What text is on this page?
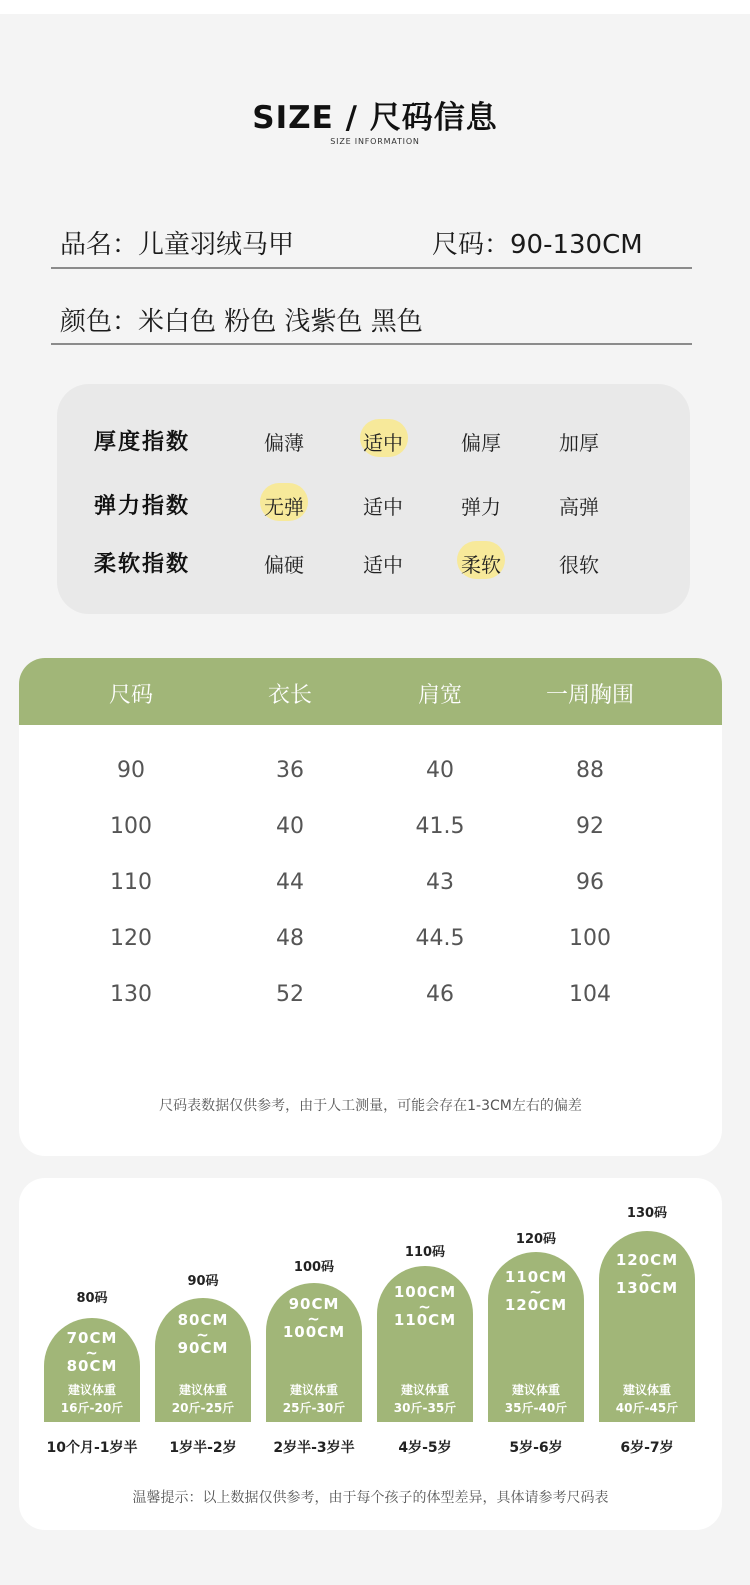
SIZE / 尺码信息
SIZE INFORMATION
品名：儿童羽绒马甲	尺码：90-130CM
颜色：米白色 粉色 浅紫色 黑色
厚度指数	偏薄	适中	偏厚	加厚
弹力指数	无弹	适中	弹力	高弹
柔软指数	偏硬	适中	柔软	很软
尺码	衣长	肩宽	一周胸围
90	36	40	88
100	40	41.5	92
110	44	43	96
120	48	44.5	100
130	52	46	104
尺码表数据仅供参考，由于人工测量，可能会存在1-3CM左右的偏差
80码
70CM
~
80CM
建议体重
16斤-20斤
10个月-1岁半
90码
80CM
~
90CM
建议体重
20斤-25斤
1岁半-2岁
100码
90CM
~
100CM
建议体重
25斤-30斤
2岁半-3岁半
110码
100CM
~
110CM
建议体重
30斤-35斤
4岁-5岁
120码
110CM
~
120CM
建议体重
35斤-40斤
5岁-6岁
130码
120CM
~
130CM
建议体重
40斤-45斤
6岁-7岁
温馨提示：以上数据仅供参考，由于每个孩子的体型差异，具体请参考尺码表
